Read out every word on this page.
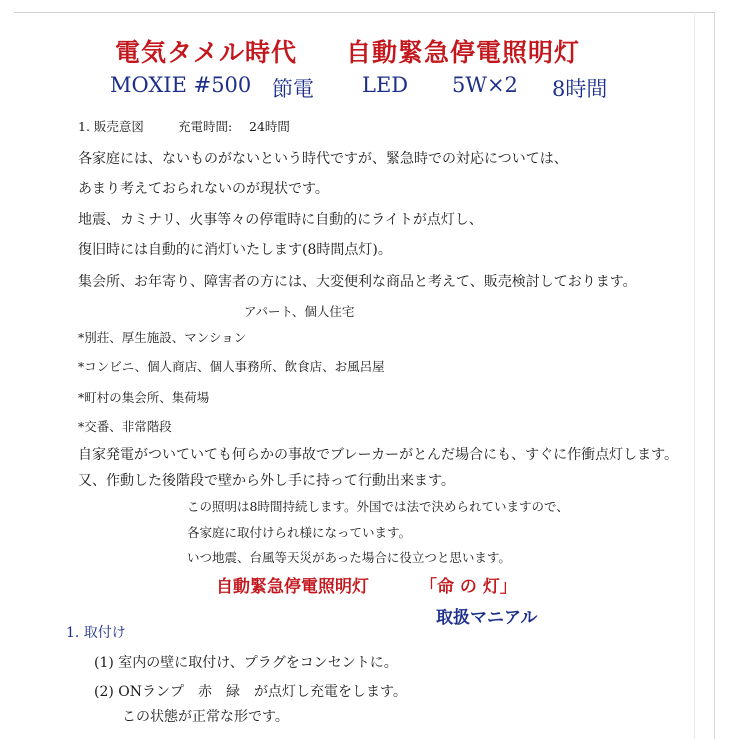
電気タメル時代 自動緊急停電照明灯
MOXIE #500 節電 LED 5W×2 8時間
1. 販売意図	充電時間: 24時間
各家庭には、ないものがないという時代ですが、緊急時での対応については、
あまり考えておられないのが現状です。
地震、カミナリ、火事等々の停電時に自動的にライトが点灯し、
復旧時には自動的に消灯いたします(8時間点灯)。
集会所、お年寄り、障害者の方には、大変便利な商品と考えて、販売検討しております。
アパート、個人住宅
*別荘、厚生施設、マンション
*コンビニ、個人商店、個人事務所、飲食店、お風呂屋
*町村の集会所、集荷場
*交番、非常階段
自家発電がついていても何らかの事故でブレーカーがとんだ場合にも、すぐに作衝点灯します。
又、作動した後階段で壁から外し手に持って行動出来ます。
この照明は8時間持続します。外国では法で決められていますので、
各家庭に取付けられ様になっています。
いつ地震、台風等天災があった場合に役立つと思います。
自動緊急停電照明灯	「命 の 灯」
取扱マニアル
1. 取付け
(1) 室内の壁に取付け、プラグをコンセントに。
(2) ONランプ　赤　緑　が点灯し充電をします。
この状態が正常な形です。
